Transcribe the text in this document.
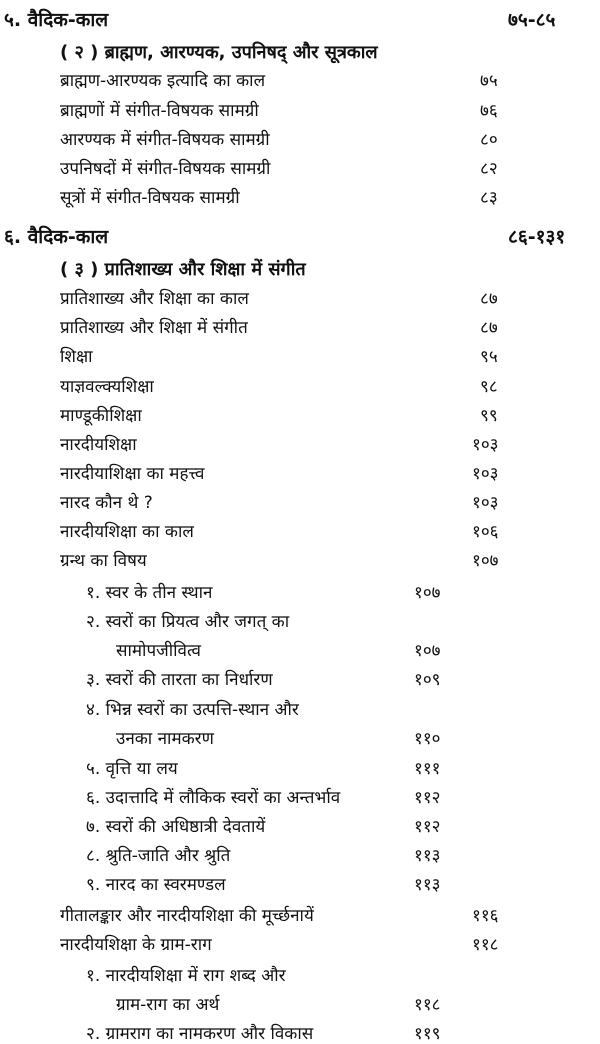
५. वैदिक-काल	७५-८५
( २ ) ब्राह्मण, आरण्यक, उपनिषद् और सूत्रकाल
ब्राह्मण-आरण्यक इत्यादि का काल	७५
ब्राह्मणों में संगीत-विषयक सामग्री	७६
आरण्यक में संगीत-विषयक सामग्री	८०
उपनिषदों में संगीत-विषयक सामग्री	८२
सूत्रों में संगीत-विषयक सामग्री	८३
६. वैदिक-काल	८६-१३१
( ३ ) प्रातिशाख्य और शिक्षा में संगीत
प्रातिशाख्य और शिक्षा का काल	८७
प्रातिशाख्य और शिक्षा में संगीत	८७
शिक्षा	९५
याज्ञवल्क्यशिक्षा	९८
माण्डूकीशिक्षा	९९
नारदीयशिक्षा	१०३
नारदीयाशिक्षा का महत्त्व	१०३
नारद कौन थे ?	१०३
नारदीयशिक्षा का काल	१०६
ग्रन्थ का विषय	१०७
१. स्वर के तीन स्थान	१०७
२. स्वरों का प्रियत्व और जगत् का
सामोपजीवित्व	१०७
३. स्वरों की तारता का निर्धारण	१०९
४. भिन्न स्वरों का उत्पत्ति-स्थान और
उनका नामकरण	११०
५. वृत्ति या लय	१११
६. उदात्तादि में लौकिक स्वरों का अन्तर्भाव	११२
७. स्वरों की अधिष्ठात्री देवतायें	११२
८. श्रुति-जाति और श्रुति	११३
९. नारद का स्वरमण्डल	११३
गीतालङ्कार और नारदीयशिक्षा की मूर्च्छनायें	११६
नारदीयशिक्षा के ग्राम-राग	११८
१. नारदीयशिक्षा में राग शब्द और
ग्राम-राग का अर्थ	११८
२. ग्रामराग का नामकरण और विकास	११९
